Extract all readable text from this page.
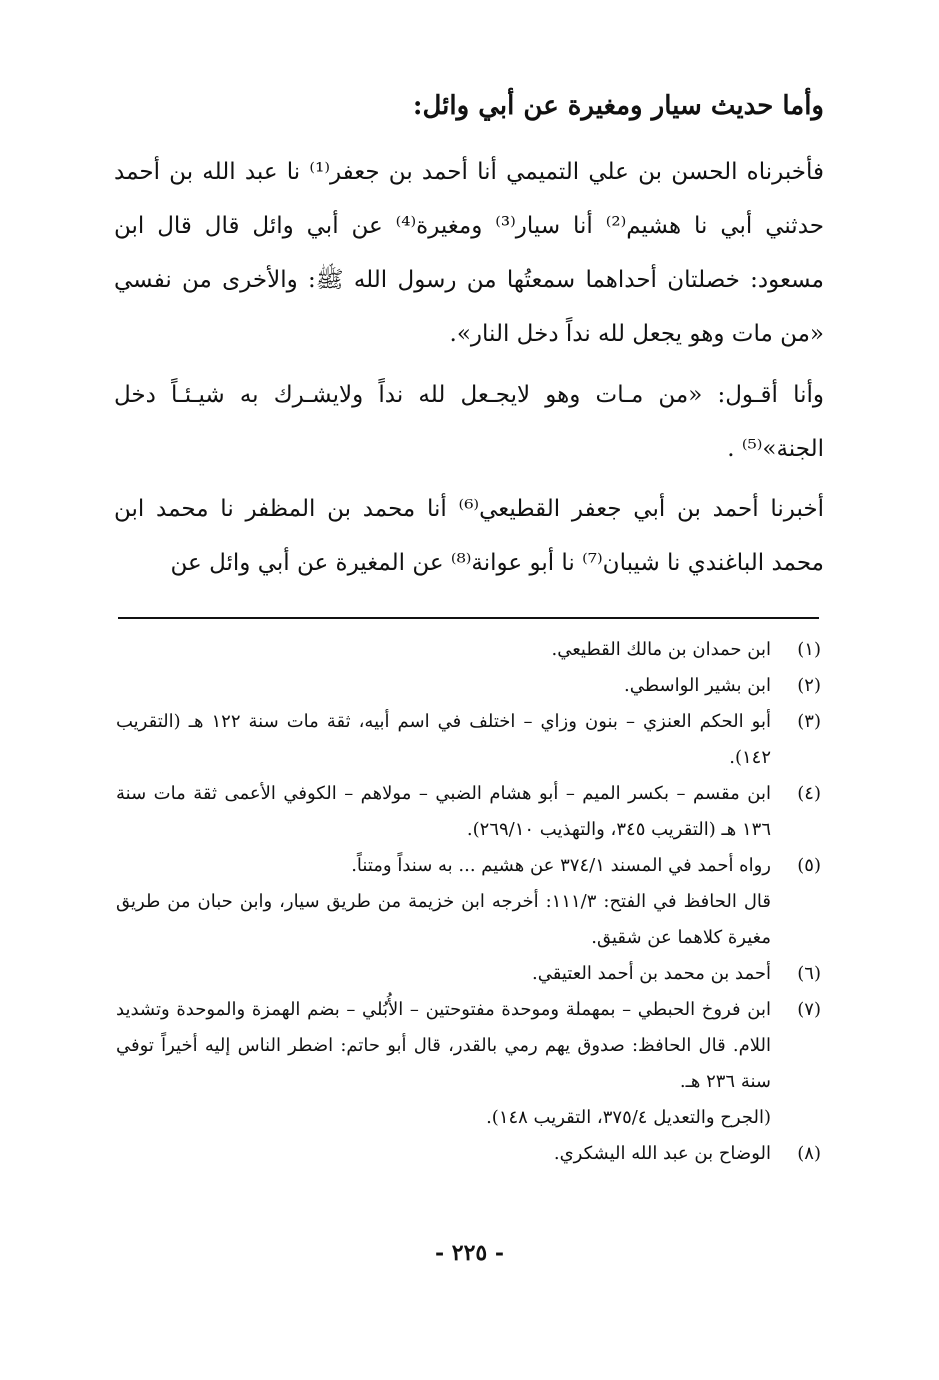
وأما حديث سيار ومغيرة عن أبي وائل:
فأخبرناه الحسن بن علي التميمي أنا أحمد بن جعفر⁽¹⁾ نا عبد الله بن أحمد حدثني أبي نا هشيم⁽²⁾ أنا سيار⁽³⁾ ومغيرة⁽⁴⁾ عن أبي وائل قال قال ابن مسعود: خصلتان أحداهما سمعتُها من رسول الله ﷺ: والأخرى من نفسي «من مات وهو يجعل لله نداً دخل النار».
وأنا أقـول: «من مـات وهو لايجـعل لله نداً ولايشـرك به شيـئـاً دخل الجنة»⁽⁵⁾ .
أخبرنا أحمد بن أبي جعفر القطيعي⁽⁶⁾ أنا محمد بن المظفر نا محمد ابن محمد الباغندي نا شيبان⁽⁷⁾ نا أبو عوانة⁽⁸⁾ عن المغيرة عن أبي وائل عن
(١)
ابن حمدان بن مالك القطيعي.
(٢)
ابن بشير الواسطي.
(٣)
أبو الحكم العنزي – بنون وزاي – اختلف في اسم أبيه، ثقة مات سنة ١٢٢ هـ (التقريب ١٤٢).
(٤)
ابن مقسم – بكسر الميم – أبو هشام الضبي – مولاهم – الكوفي الأعمى ثقة مات سنة ١٣٦ هـ (التقريب ٣٤٥، والتهذيب ٢٦٩/١٠).
(٥)
رواه أحمد في المسند ٣٧٤/١ عن هشيم ... به سنداً ومتناً.
قال الحافظ في الفتح: ١١١/٣: أخرجه ابن خزيمة من طريق سيار، وابن حبان من طريق مغيرة كلاهما عن شقيق.
(٦)
أحمد بن محمد بن أحمد العتيقي.
(٧)
ابن فروخ الحبطي – بمهملة وموحدة مفتوحتين – الأُبُلي – بضم الهمزة والموحدة وتشديد اللام. قال الحافظ: صدوق يهم رمي بالقدر، قال أبو حاتم: اضطر الناس إليه أخيراً توفي سنة ٢٣٦ هـ.
(الجرح والتعديل ٣٧٥/٤، التقريب ١٤٨).
(٨)
الوضاح بن عبد الله اليشكري.
- ٢٢٥ -
